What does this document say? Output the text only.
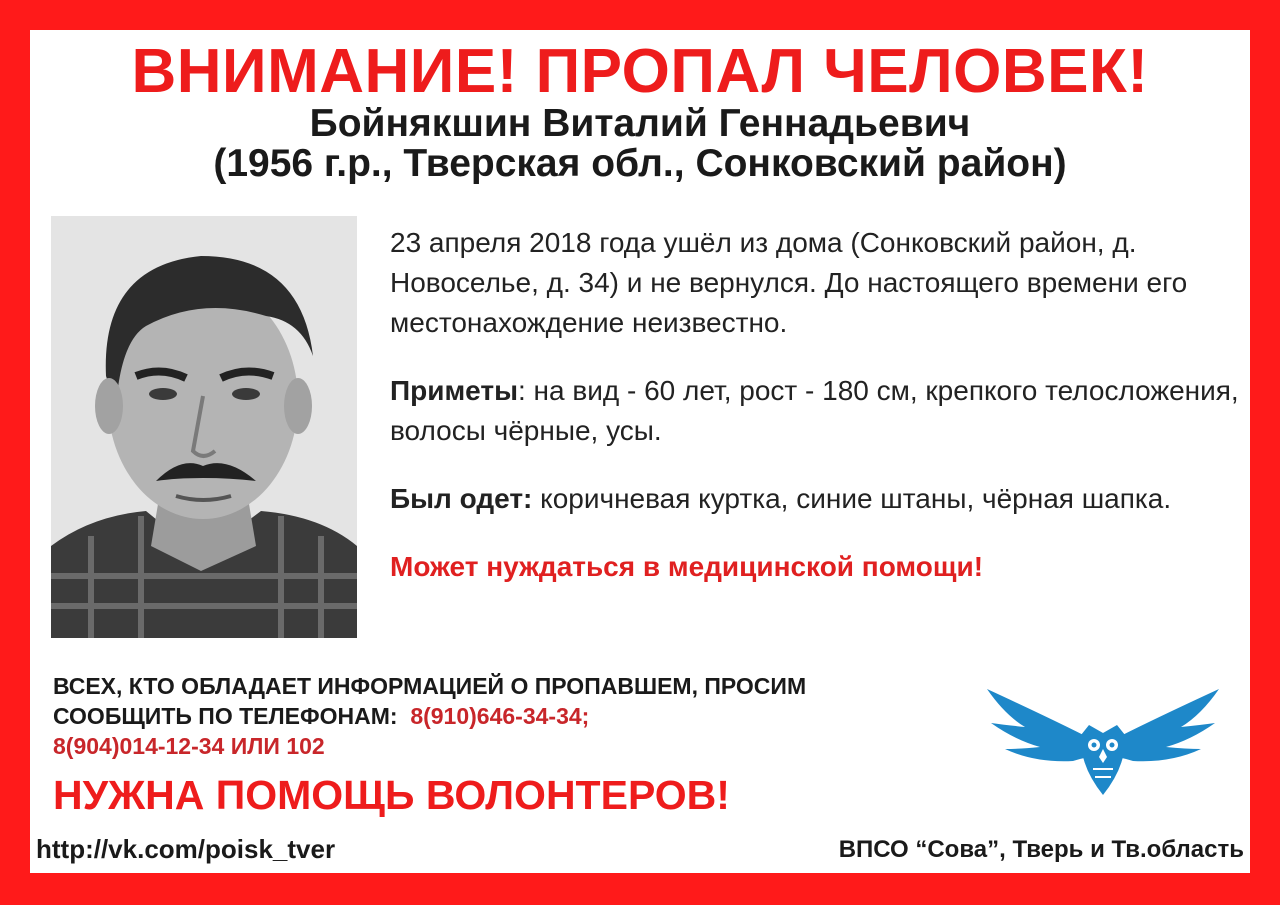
ВНИМАНИЕ! ПРОПАЛ ЧЕЛОВЕК!
Бойнякшин Виталий Геннадьевич
(1956 г.р., Тверская обл., Сонковский район)

23 апреля 2018 года ушёл из дома (Сонковский район, д. Новоселье, д. 34) и не вернулся. До настоящего времени его местонахождение неизвестно.

Приметы: на вид - 60 лет, рост - 180 см, крепкого телосложения, волосы чёрные, усы.

Был одет: коричневая куртка, синие штаны, чёрная шапка.

Может нуждаться в медицинской помощи!

ВСЕХ, КТО ОБЛАДАЕТ ИНФОРМАЦИЕЙ О ПРОПАВШЕМ, ПРОСИМ
СООБЩИТЬ ПО ТЕЛЕФОНАМ: 8(910)646-34-34;
8(904)014-12-34 ИЛИ 102
НУЖНА ПОМОЩЬ ВОЛОНТЕРОВ!
http://vk.com/poisk_tver	ВПСО “Сова”, Тверь и Тв.область
